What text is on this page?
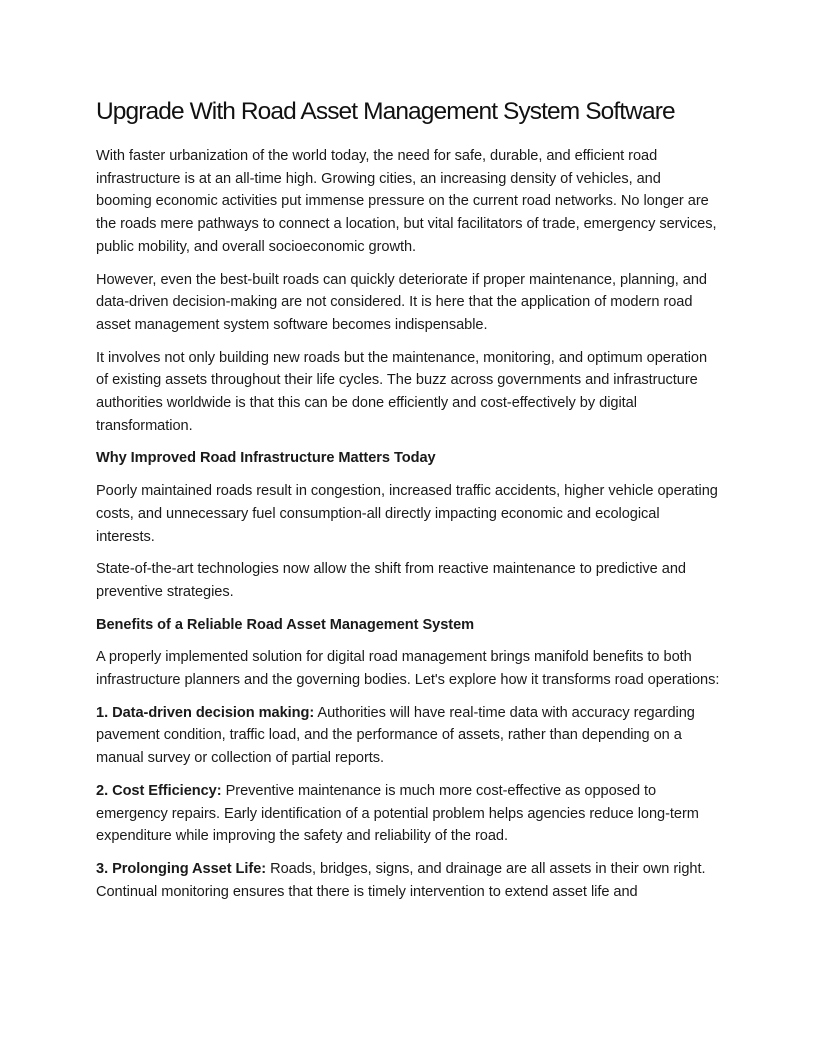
Upgrade With Road Asset Management System Software

With faster urbanization of the world today, the need for safe, durable, and efficient road infrastructure is at an all-time high. Growing cities, an increasing density of vehicles, and booming economic activities put immense pressure on the current road networks. No longer are the roads mere pathways to connect a location, but vital facilitators of trade, emergency services, public mobility, and overall socioeconomic growth.

However, even the best-built roads can quickly deteriorate if proper maintenance, planning, and data-driven decision-making are not considered. It is here that the application of modern road asset management system software becomes indispensable.

It involves not only building new roads but the maintenance, monitoring, and optimum operation of existing assets throughout their life cycles. The buzz across governments and infrastructure authorities worldwide is that this can be done efficiently and cost-effectively by digital transformation.

Why Improved Road Infrastructure Matters Today

Poorly maintained roads result in congestion, increased traffic accidents, higher vehicle operating costs, and unnecessary fuel consumption-all directly impacting economic and ecological interests.

State-of-the-art technologies now allow the shift from reactive maintenance to predictive and preventive strategies.

Benefits of a Reliable Road Asset Management System

A properly implemented solution for digital road management brings manifold benefits to both infrastructure planners and the governing bodies. Let's explore how it transforms road operations:

1. Data-driven decision making: Authorities will have real-time data with accuracy regarding pavement condition, traffic load, and the performance of assets, rather than depending on a manual survey or collection of partial reports.

2. Cost Efficiency: Preventive maintenance is much more cost-effective as opposed to emergency repairs. Early identification of a potential problem helps agencies reduce long-term expenditure while improving the safety and reliability of the road.

3. Prolonging Asset Life: Roads, bridges, signs, and drainage are all assets in their own right. Continual monitoring ensures that there is timely intervention to extend asset life and
